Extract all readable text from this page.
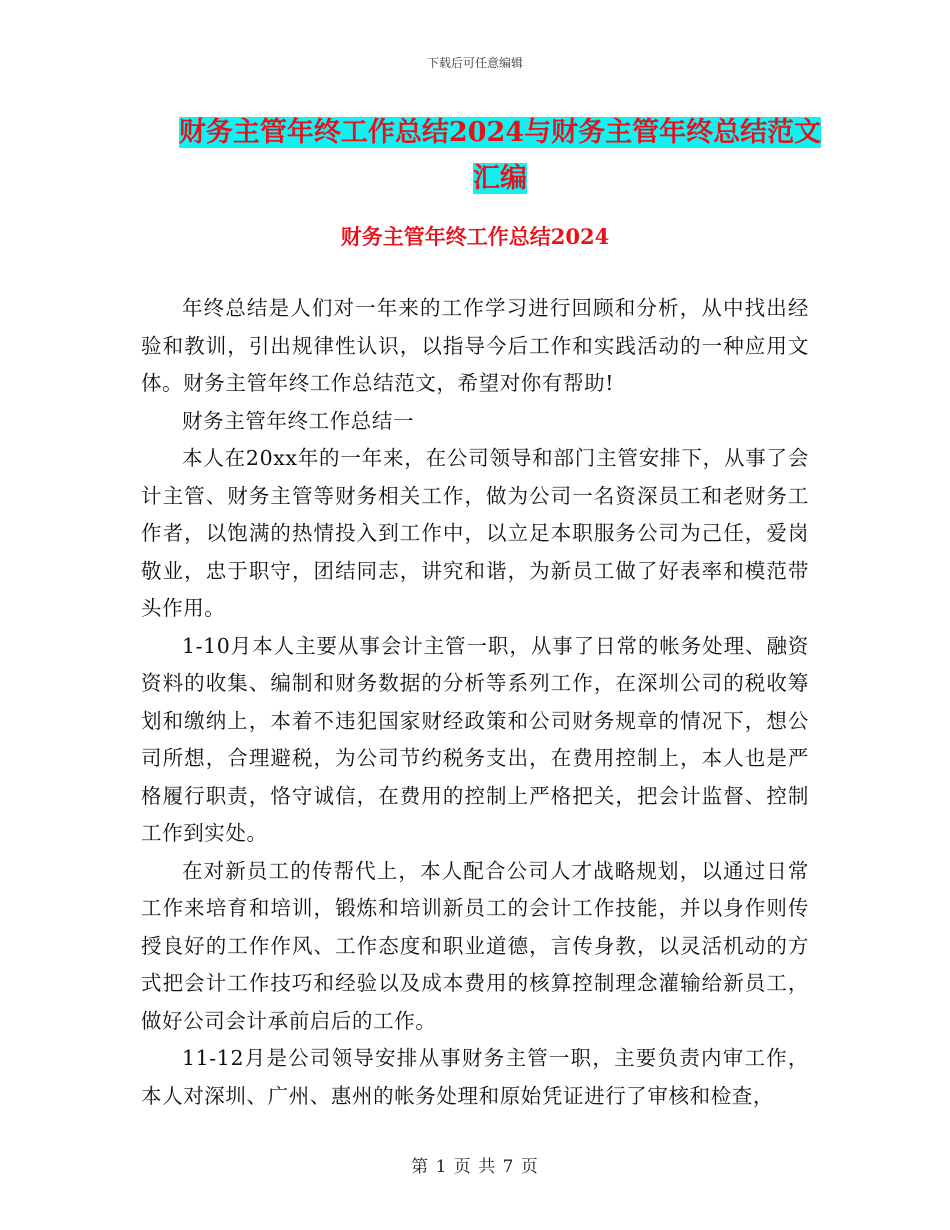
下载后可任意编辑
财务主管年终工作总结2024与财务主管年终总结范文
汇编
财务主管年终工作总结2024

年终总结是人们对一年来的工作学习进行回顾和分析，从中找出经验和教训，引出规律性认识，以指导今后工作和实践活动的一种应用文体。财务主管年终工作总结范文，希望对你有帮助!

财务主管年终工作总结一

本人在20xx年的一年来，在公司领导和部门主管安排下，从事了会计主管、财务主管等财务相关工作，做为公司一名资深员工和老财务工作者，以饱满的热情投入到工作中，以立足本职服务公司为己任，爱岗敬业，忠于职守，团结同志，讲究和谐，为新员工做了好表率和模范带头作用。

1-10月本人主要从事会计主管一职，从事了日常的帐务处理、融资资料的收集、编制和财务数据的分析等系列工作，在深圳公司的税收筹划和缴纳上，本着不违犯国家财经政策和公司财务规章的情况下，想公司所想，合理避税，为公司节约税务支出，在费用控制上，本人也是严格履行职责，恪守诚信，在费用的控制上严格把关，把会计监督、控制工作到实处。

在对新员工的传帮代上，本人配合公司人才战略规划，以通过日常工作来培育和培训，锻炼和培训新员工的会计工作技能，并以身作则传授良好的工作作风、工作态度和职业道德，言传身教，以灵活机动的方式把会计工作技巧和经验以及成本费用的核算控制理念灌输给新员工，做好公司会计承前启后的工作。

11-12月是公司领导安排从事财务主管一职，主要负责内审工作，本人对深圳、广州、惠州的帐务处理和原始凭证进行了审核和检查，

第 1 页 共 7 页
